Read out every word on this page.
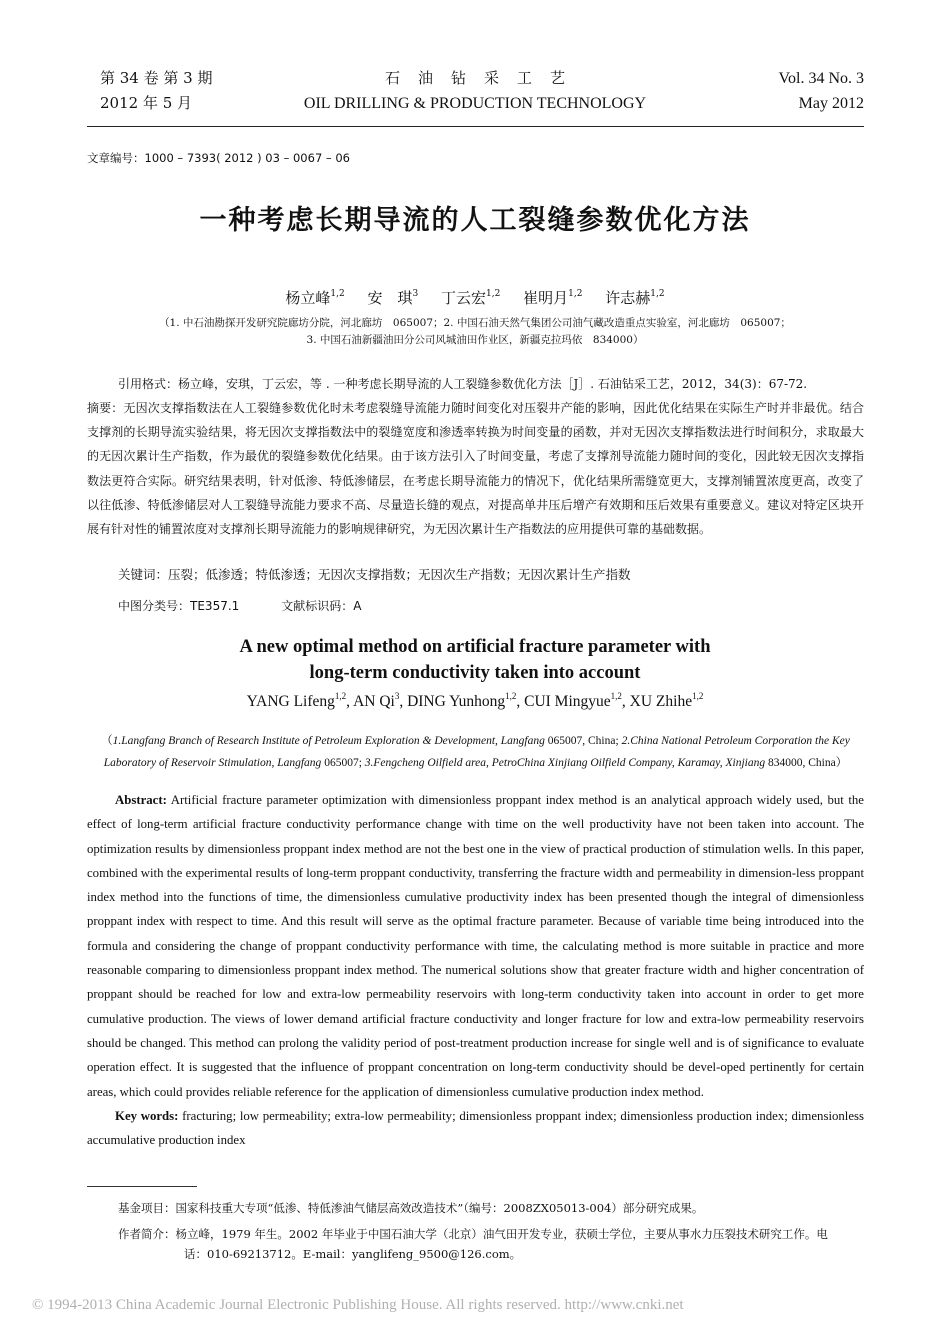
第 34 卷 第 3 期
2012 年 5 月
石油钻采工艺
OIL DRILLING & PRODUCTION TECHNOLOGY
Vol. 34 No. 3
May 2012
文章编号：1000 – 7393( 2012 ) 03 – 0067 – 06
一种考虑长期导流的人工裂缝参数优化方法
杨立峰$^{1,2}$ 安　琪$^3$ 丁云宏$^{1,2}$ 崔明月$^{1,2}$ 许志赫$^{1,2}$
（1. 中石油勘探开发研究院廊坊分院，河北廊坊　065007；2. 中国石油天然气集团公司油气藏改造重点实验室，河北廊坊　065007；
3. 中国石油新疆油田分公司风城油田作业区，新疆克拉玛依　834000）
引用格式：杨立峰，安琪，丁云宏，等 . 一种考虑长期导流的人工裂缝参数优化方法［J］. 石油钻采工艺，2012，34(3)：67-72.
摘要：无因次支撑指数法在人工裂缝参数优化时未考虑裂缝导流能力随时间变化对压裂井产能的影响，因此优化结果在实际生产时并非最优。结合支撑剂的长期导流实验结果，将无因次支撑指数法中的裂缝宽度和渗透率转换为时间变量的函数，并对无因次支撑指数法进行时间积分，求取最大的无因次累计生产指数，作为最优的裂缝参数优化结果。由于该方法引入了时间变量，考虑了支撑剂导流能力随时间的变化，因此较无因次支撑指数法更符合实际。研究结果表明，针对低渗、特低渗储层，在考虑长期导流能力的情况下，优化结果所需缝宽更大，支撑剂铺置浓度更高，改变了以往低渗、特低渗储层对人工裂缝导流能力要求不高、尽量造长缝的观点，对提高单井压后增产有效期和压后效果有重要意义。建议对特定区块开展有针对性的铺置浓度对支撑剂长期导流能力的影响规律研究，为无因次累计生产指数法的应用提供可靠的基础数据。
关键词：压裂；低渗透；特低渗透；无因次支撑指数；无因次生产指数；无因次累计生产指数
中图分类号：TE357.1	文献标识码：A
A new optimal method on artificial fracture parameter with
long-term conductivity taken into account
YANG Lifeng$^{1,2}$, AN Qi$^3$, DING Yunhong$^{1,2}$, CUI Mingyue$^{1,2}$, XU Zhihe$^{1,2}$
（1.Langfang Branch of Research Institute of Petroleum Exploration & Development, Langfang 065007, China; 2.China National Petroleum Corporation the Key Laboratory of Reservoir Stimulation, Langfang 065007; 3.Fengcheng Oilfield area, PetroChina Xinjiang Oilfield Company, Karamay, Xinjiang 834000, China）

Abstract: Artificial fracture parameter optimization with dimensionless proppant index method is an analytical approach widely used, but the effect of long-term artificial fracture conductivity performance change with time on the well productivity have not been taken into account. The optimization results by dimensionless proppant index method are not the best one in the view of practical production of stimulation wells. In this paper, combined with the experimental results of long-term proppant conductivity, transferring the fracture width and permeability in dimension-less proppant index method into the functions of time, the dimensionless cumulative productivity index has been presented though the integral of dimensionless proppant index with respect to time. And this result will serve as the optimal fracture parameter. Because of variable time being introduced into the formula and considering the change of proppant conductivity performance with time, the calculating method is more suitable in practice and more reasonable comparing to dimensionless proppant index method. The numerical solutions show that greater fracture width and higher concentration of proppant should be reached for low and extra-low permeability reservoirs with long-term conductivity taken into account in order to get more cumulative production. The views of lower demand artificial fracture conductivity and longer fracture for low and extra-low permeability reservoirs should be changed. This method can prolong the validity period of post-treatment production increase for single well and is of significance to evaluate operation effect. It is suggested that the influence of proppant concentration on long-term conductivity should be devel-oped pertinently for certain areas, which could provides reliable reference for the application of dimensionless cumulative production index method.

Key words: fracturing; low permeability; extra-low permeability; dimensionless proppant index; dimensionless production index; dimensionless accumulative production index

基金项目：国家科技重大专项“低渗、特低渗油气储层高效改造技术”（编号：2008ZX05013-004）部分研究成果。
作者简介：杨立峰，1979 年生。2002 年毕业于中国石油大学（北京）油气田开发专业，获硕士学位，主要从事水力压裂技术研究工作。电
话：010-69213712。E-mail：yanglifeng_9500@126.com。
© 1994-2013 China Academic Journal Electronic Publishing House. All rights reserved. http://www.cnki.net
